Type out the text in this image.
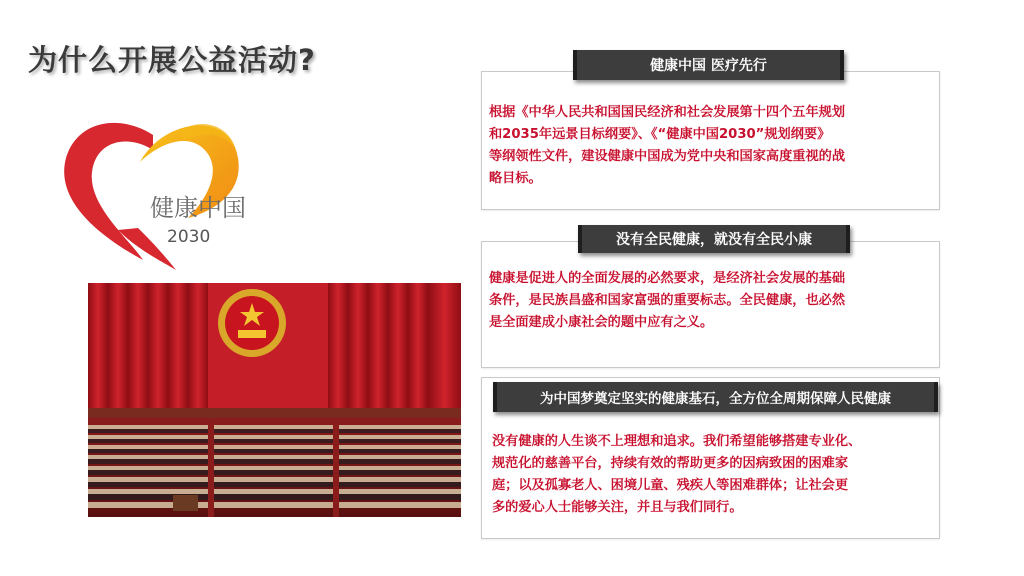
为什么开展公益活动?
健康中国
2030
根据《中华人民共和国国民经济和社会发展第十四个五年规划
和2035年远景目标纲要》、《“健康中国2030”规划纲要》
等纲领性文件，建设健康中国成为党中央和国家高度重视的战
略目标。
健康中国 医疗先行
健康是促进人的全面发展的必然要求，是经济社会发展的基础
条件，是民族昌盛和国家富强的重要标志。全民健康，也必然
是全面建成小康社会的题中应有之义。
没有全民健康，就没有全民小康
没有健康的人生谈不上理想和追求。我们希望能够搭建专业化、
规范化的慈善平台，持续有效的帮助更多的因病致困的困难家
庭；以及孤寡老人、困境儿童、残疾人等困难群体；让社会更
多的爱心人士能够关注，并且与我们同行。
为中国梦奠定坚实的健康基石，全方位全周期保障人民健康
